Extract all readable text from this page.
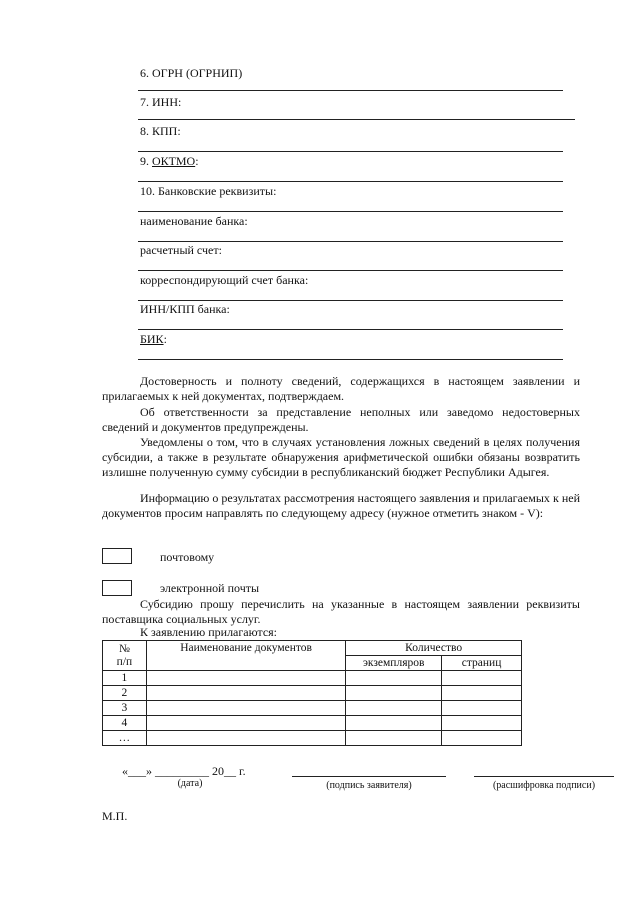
6. ОГРН (ОГРНИП)
7. ИНН:
8. КПП:
9. ОКТМО:
10. Банковские реквизиты:
наименование банка:
расчетный счет:
корреспондирующий счет банка:
ИНН/КПП банка:
БИК:
Достоверность и полноту сведений, содержащихся в настоящем заявлении и прилагаемых к ней документах, подтверждаем.
Об ответственности за представление неполных или заведомо недостоверных сведений и документов предупреждены.
Уведомлены о том, что в случаях установления ложных сведений в целях получения субсидии, а также в результате обнаружения арифметической ошибки обязаны возвратить излишне полученную сумму субсидии в республиканский бюджет Республики Адыгея.
Информацию о результатах рассмотрения настоящего заявления и прилагаемых к ней документов просим направлять по следующему адресу (нужное отметить знаком - V):
почтовому
электронной почты
Субсидию прошу перечислить на указанные в настоящем заявлении реквизиты поставщика социальных услуг.
К заявлению прилагаются:
№
п/п	Наименование документов	Количество	
		экземпляров	страниц
1			
2			
3			
4			
…			
«___» _________ 20__ г.
(дата)	(подпись заявителя)	(расшифровка подписи)
М.П.
